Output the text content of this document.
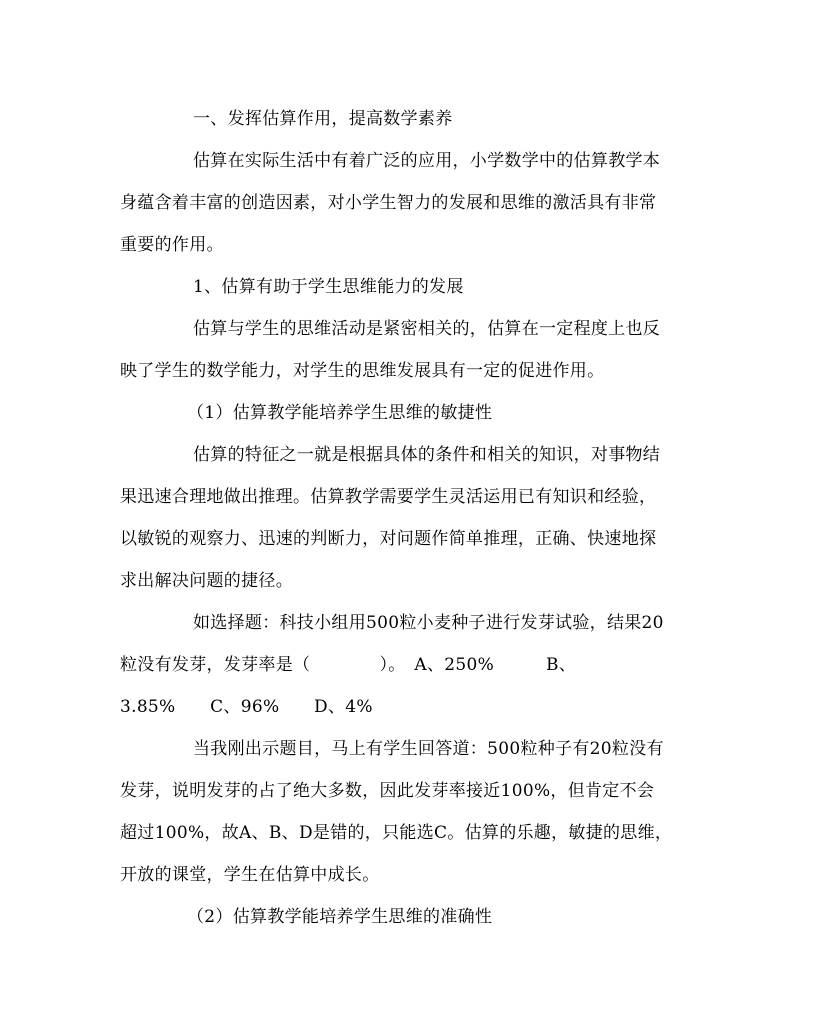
一、发挥估算作用，提高数学素养
估算在实际生活中有着广泛的应用，小学数学中的估算教学本
身蕴含着丰富的创造因素，对小学生智力的发展和思维的激活具有非常
重要的作用。
1、估算有助于学生思维能力的发展
估算与学生的思维活动是紧密相关的，估算在一定程度上也反
映了学生的数学能力，对学生的思维发展具有一定的促进作用。
（1）估算教学能培养学生思维的敏捷性
估算的特征之一就是根据具体的条件和相关的知识，对事物结
果迅速合理地做出推理。估算教学需要学生灵活运用已有知识和经验，
以敏锐的观察力、迅速的判断力，对问题作简单推理，正确、快速地探
求出解决问题的捷径。
如选择题：科技小组用500粒小麦种子进行发芽试验，结果20
粒没有发芽，发芽率是（　　　　）。　A、250%　　　B、
3.85%　　C、96%　　D、4%
当我刚出示题目，马上有学生回答道：500粒种子有20粒没有
发芽，说明发芽的占了绝大多数，因此发芽率接近100%，但肯定不会
超过100%，故A、B、D是错的，只能选C。估算的乐趣，敏捷的思维，
开放的课堂，学生在估算中成长。
（2）估算教学能培养学生思维的准确性
